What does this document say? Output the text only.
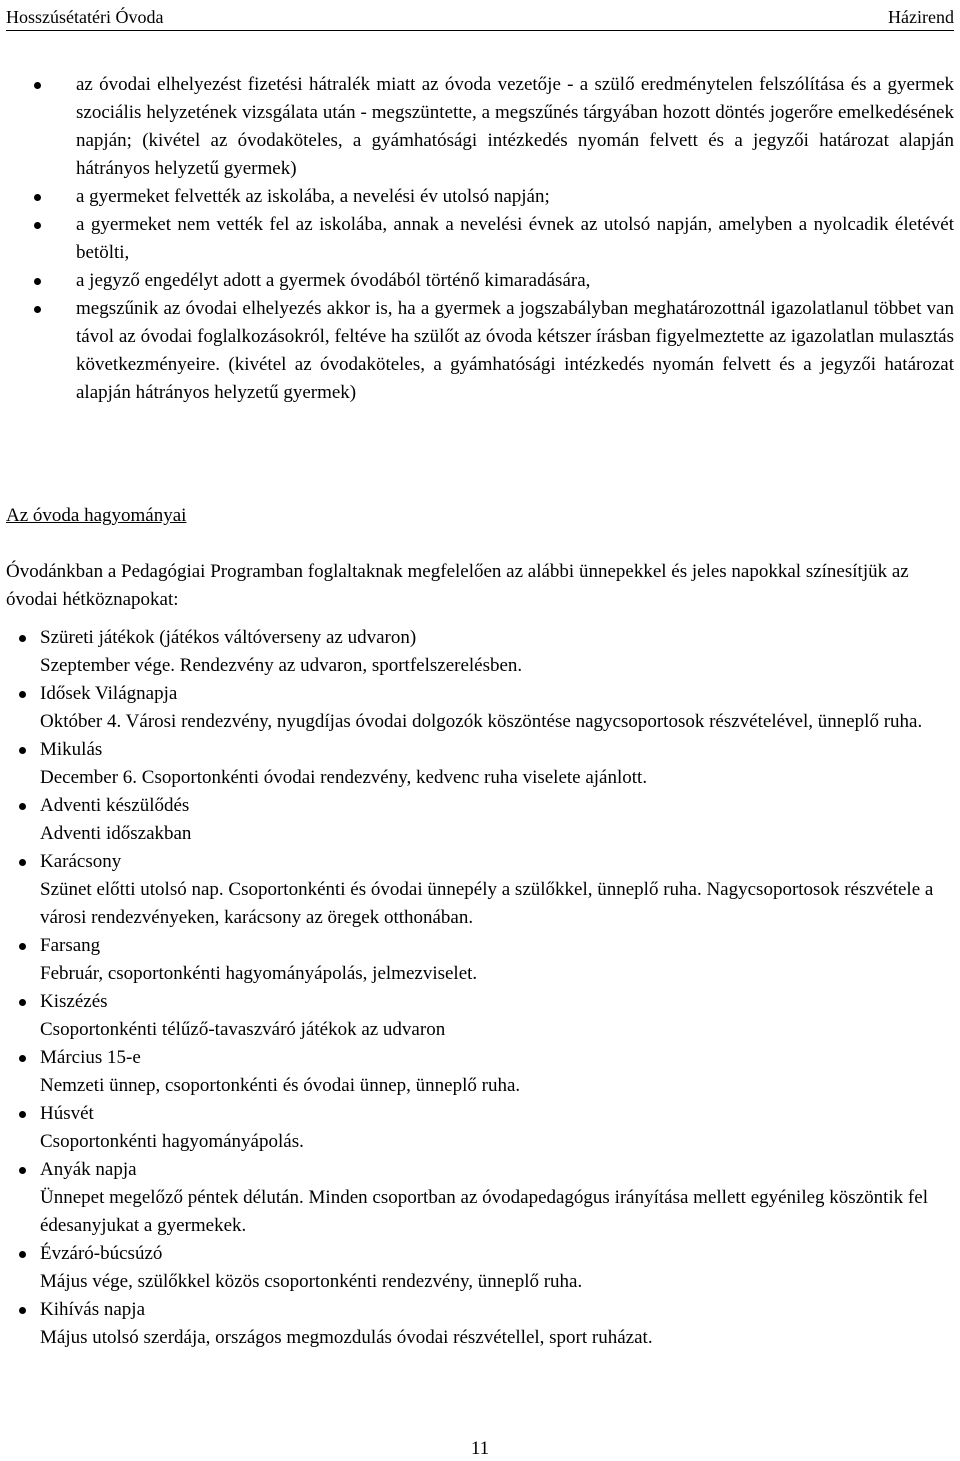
Hosszúsétatéri Óvoda	Házirend
az óvodai elhelyezést fizetési hátralék miatt az óvoda vezetője - a szülő eredménytelen felszólítása és a gyermek szociális helyzetének vizsgálata után - megszüntette, a megszűnés tárgyában hozott döntés jogerőre emelkedésének napján; (kivétel az óvodaköteles, a gyámhatósági intézkedés nyomán felvett és a jegyzői határozat alapján hátrányos helyzetű gyermek)
a gyermeket felvették az iskolába, a nevelési év utolsó napján;
a gyermeket nem vették fel az iskolába, annak a nevelési évnek az utolsó napján, amelyben a nyolcadik életévét betölti,
a jegyző engedélyt adott a gyermek óvodából történő kimaradására,
megszűnik az óvodai elhelyezés akkor is, ha a gyermek a jogszabályban meghatározottnál igazolatlanul többet van távol az óvodai foglalkozásokról, feltéve ha szülőt az óvoda kétszer írásban figyelmeztette az igazolatlan mulasztás következményeire. (kivétel az óvodaköteles, a gyámhatósági intézkedés nyomán felvett és a jegyzői határozat alapján hátrányos helyzetű gyermek)
Az óvoda hagyományai
Óvodánkban a Pedagógiai Programban foglaltaknak megfelelően az alábbi ünnepekkel és jeles napokkal színesítjük az óvodai hétköznapokat:
Szüreti játékok (játékos váltóverseny az udvaron)
Szeptember vége. Rendezvény az udvaron, sportfelszerelésben.
Idősek Világnapja
Október 4. Városi rendezvény, nyugdíjas óvodai dolgozók köszöntése nagycsoportosok részvételével, ünneplő ruha.
Mikulás
December 6. Csoportonkénti óvodai rendezvény, kedvenc ruha viselete ajánlott.
Adventi készülődés
Adventi időszakban
Karácsony
Szünet előtti utolsó nap. Csoportonkénti és óvodai ünnepély a szülőkkel, ünneplő ruha. Nagycsoportosok részvétele a városi rendezvényeken, karácsony az öregek otthonában.
Farsang
Február, csoportonkénti hagyományápolás, jelmezviselet.
Kiszézés
Csoportonkénti télűző-tavaszváró játékok az udvaron
Március 15-e
Nemzeti ünnep, csoportonkénti és óvodai ünnep, ünneplő ruha.
Húsvét
Csoportonkénti hagyományápolás.
Anyák napja
Ünnepet megelőző péntek délután. Minden csoportban az óvodapedagógus irányítása mellett egyénileg köszöntik fel édesanyjukat a gyermekek.
Évzáró-búcsúzó
Május vége, szülőkkel közös csoportonkénti rendezvény, ünneplő ruha.
Kihívás napja
Május utolsó szerdája, országos megmozdulás óvodai részvétellel, sport ruházat.
11
